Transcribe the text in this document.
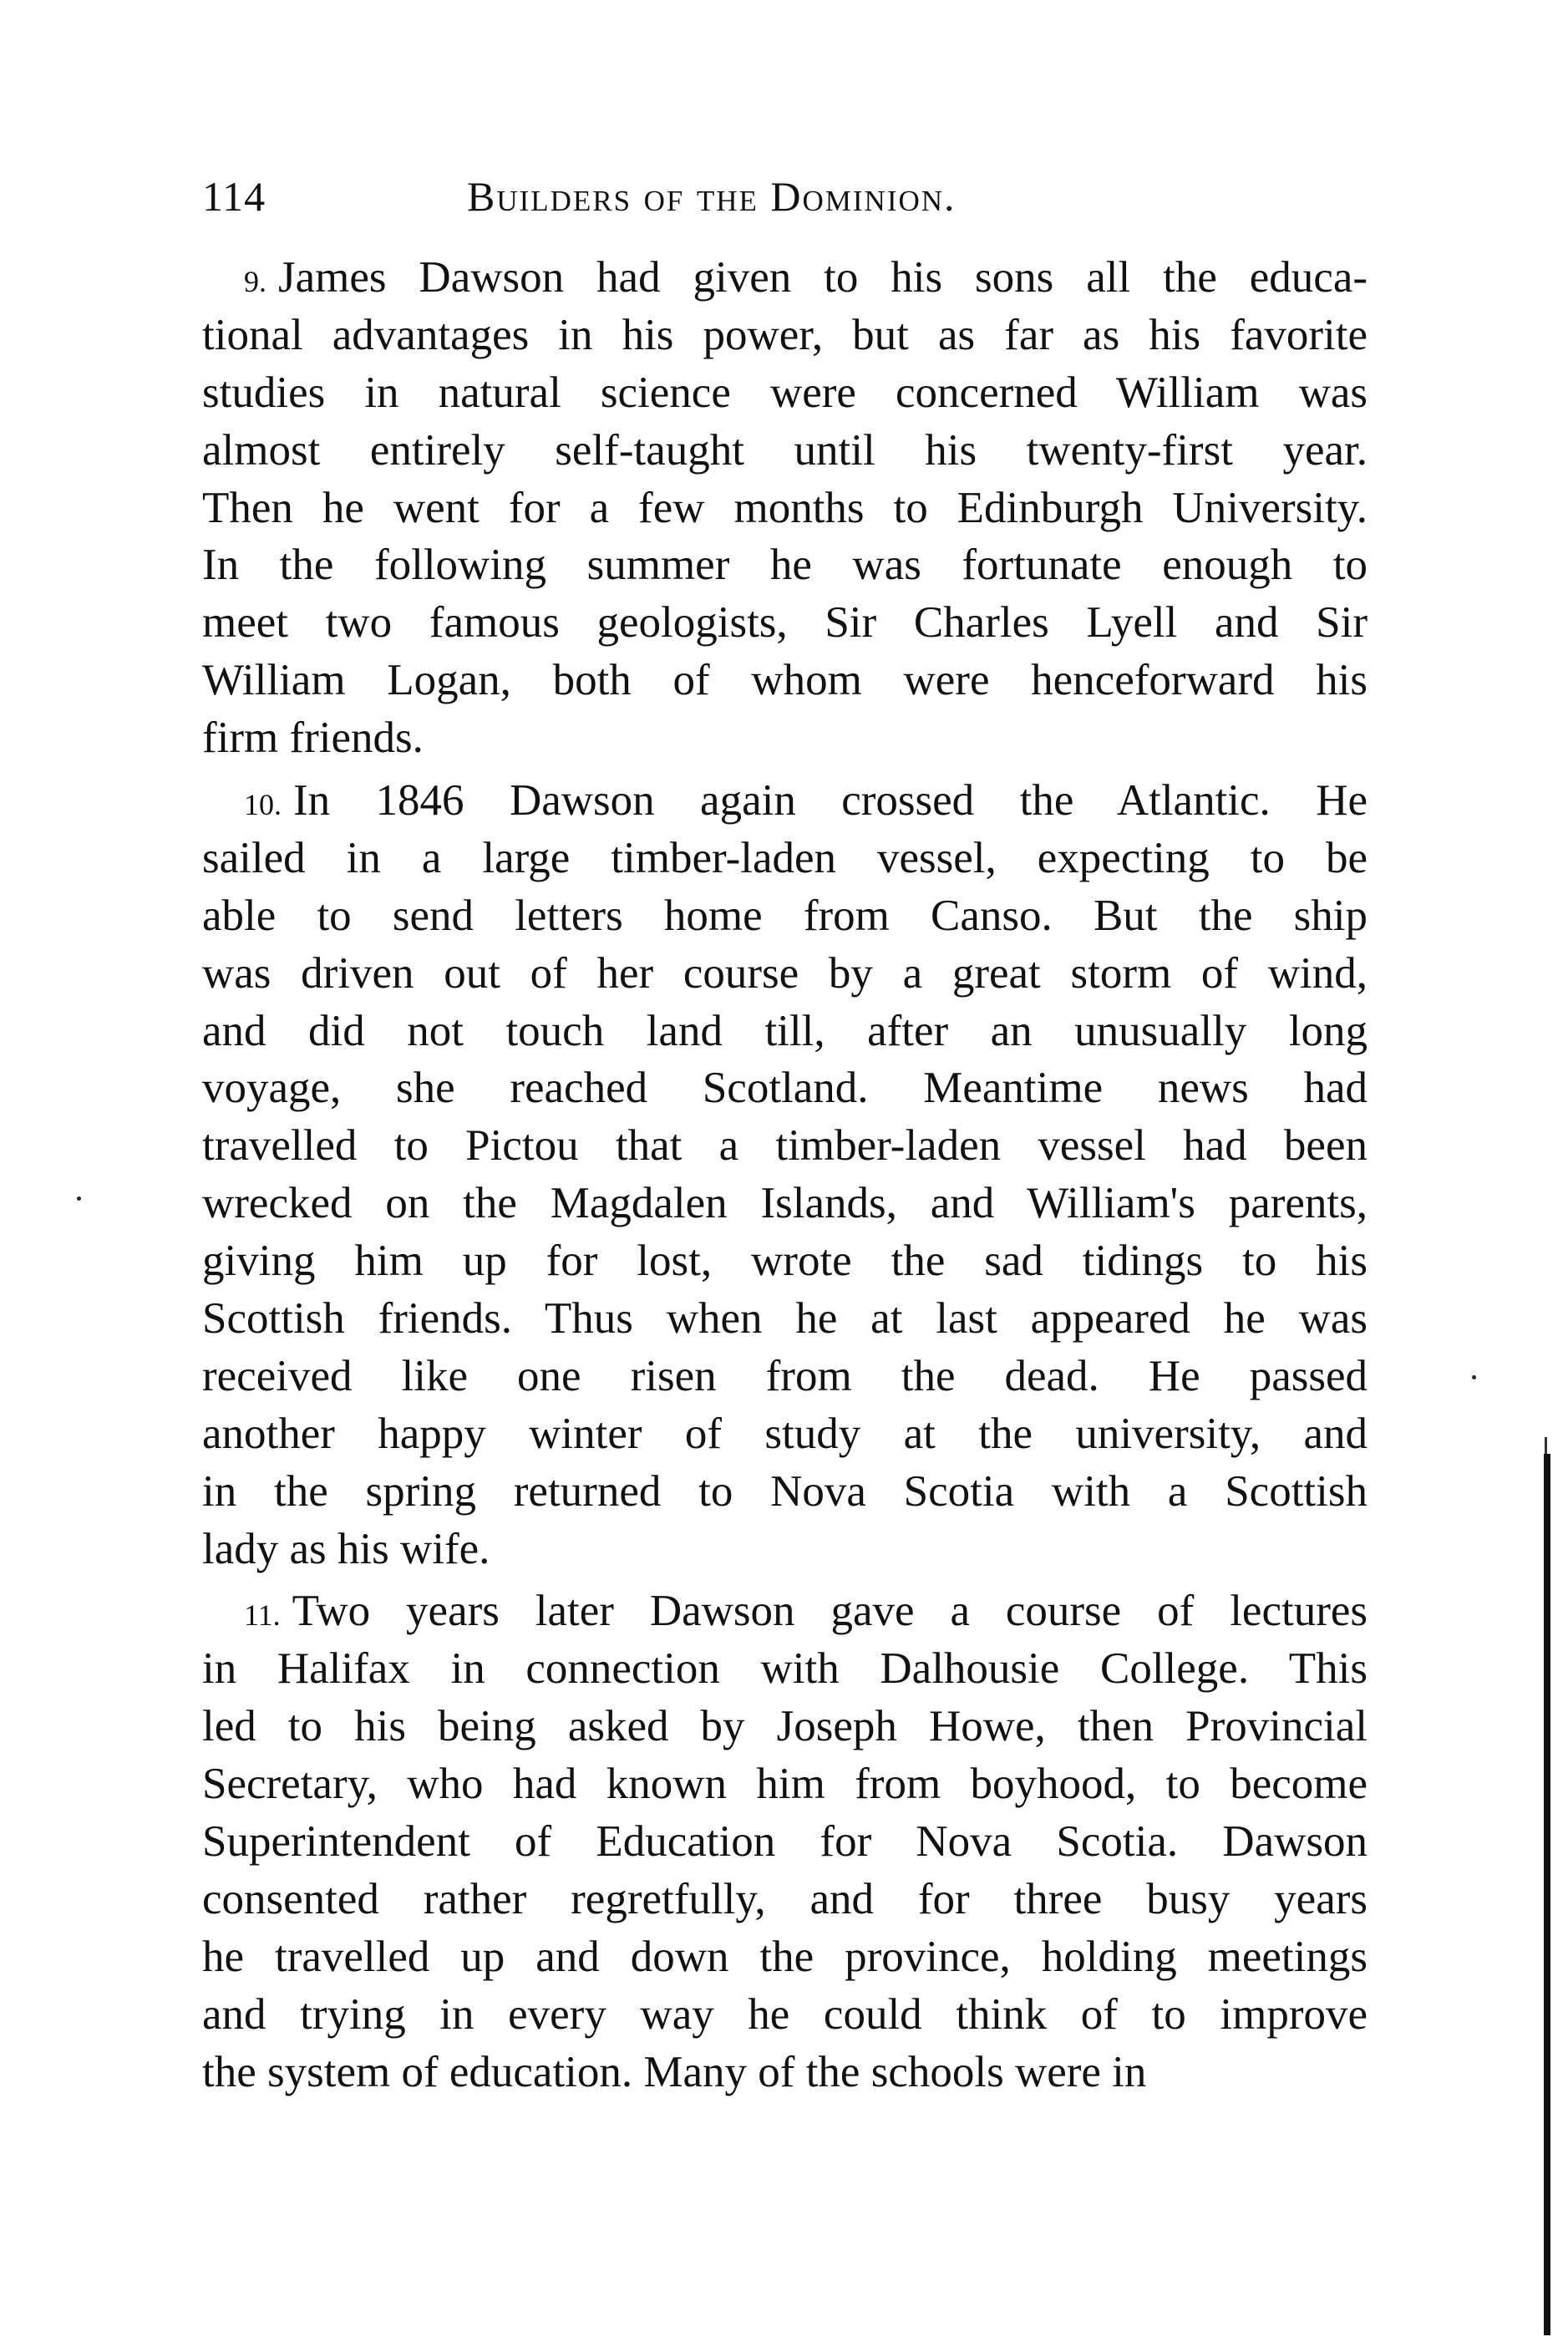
114	Builders of the Dominion.
9. James Dawson had given to his sons all the educa-
tional advantages in his power, but as far as his favorite
studies in natural science were concerned William was
almost entirely self-taught until his twenty-first year.
Then he went for a few months to Edinburgh University.
In the following summer he was fortunate enough to
meet two famous geologists, Sir Charles Lyell and Sir
William Logan, both of whom were henceforward his
firm friends.
10. In 1846 Dawson again crossed the Atlantic. He
sailed in a large timber-laden vessel, expecting to be
able to send letters home from Canso. But the ship
was driven out of her course by a great storm of wind,
and did not touch land till, after an unusually long
voyage, she reached Scotland. Meantime news had
travelled to Pictou that a timber-laden vessel had been
wrecked on the Magdalen Islands, and William's parents,
giving him up for lost, wrote the sad tidings to his
Scottish friends. Thus when he at last appeared he was
received like one risen from the dead. He passed
another happy winter of study at the university, and
in the spring returned to Nova Scotia with a Scottish
lady as his wife.
11. Two years later Dawson gave a course of lectures
in Halifax in connection with Dalhousie College. This
led to his being asked by Joseph Howe, then Provincial
Secretary, who had known him from boyhood, to become
Superintendent of Education for Nova Scotia. Dawson
consented rather regretfully, and for three busy years
he travelled up and down the province, holding meetings
and trying in every way he could think of to improve
the system of education. Many of the schools were in
